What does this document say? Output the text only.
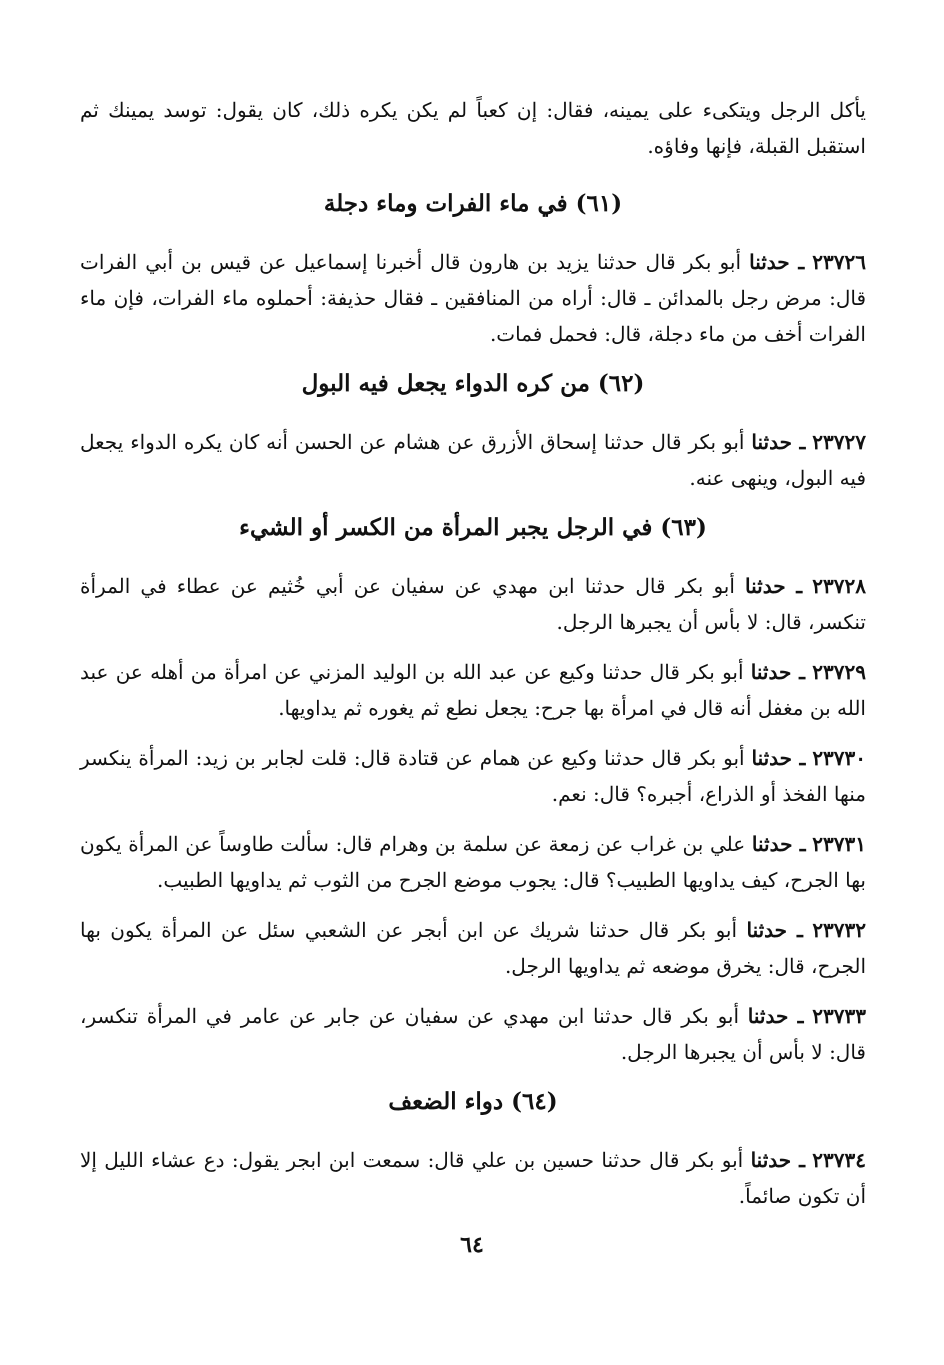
يأكل الرجل ويتكىء على يمينه، فقال: إن كعباً لم يكن يكره ذلك، كان يقول: توسد يمينك ثم استقبل القبلة، فإنها وفاؤه.

(٦١) في ماء الفرات وماء دجلة

٢٣٧٢٦ ـ حدثنا أبو بكر قال حدثنا يزيد بن هارون قال أخبرنا إسماعيل عن قيس بن أبي الفرات قال: مرض رجل بالمدائن ـ قال: أراه من المنافقين ـ فقال حذيفة: أحملوه ماء الفرات، فإن ماء الفرات أخف من ماء دجلة، قال: فحمل فمات.

(٦٢) من كره الدواء يجعل فيه البول

٢٣٧٢٧ ـ حدثنا أبو بكر قال حدثنا إسحاق الأزرق عن هشام عن الحسن أنه كان يكره الدواء يجعل فيه البول، وينهى عنه.

(٦٣) في الرجل يجبر المرأة من الكسر أو الشيء

٢٣٧٢٨ ـ حدثنا أبو بكر قال حدثنا ابن مهدي عن سفيان عن أبي خُثيم عن عطاء في المرأة تنكسر، قال: لا بأس أن يجبرها الرجل.

٢٣٧٢٩ ـ حدثنا أبو بكر قال حدثنا وكيع عن عبد الله بن الوليد المزني عن امرأة من أهله عن عبد الله بن مغفل أنه قال في امرأة بها جرح: يجعل نطع ثم يغوره ثم يداويها.

٢٣٧٣٠ ـ حدثنا أبو بكر قال حدثنا وكيع عن همام عن قتادة قال: قلت لجابر بن زيد: المرأة ينكسر منها الفخذ أو الذراع، أجبره؟ قال: نعم.

٢٣٧٣١ ـ حدثنا علي بن غراب عن زمعة عن سلمة بن وهرام قال: سألت طاوساً عن المرأة يكون بها الجرح، كيف يداويها الطبيب؟ قال: يجوب موضع الجرح من الثوب ثم يداويها الطبيب.

٢٣٧٣٢ ـ حدثنا أبو بكر قال حدثنا شريك عن ابن أبجر عن الشعبي سئل عن المرأة يكون بها الجرح، قال: يخرق موضعه ثم يداويها الرجل.

٢٣٧٣٣ ـ حدثنا أبو بكر قال حدثنا ابن مهدي عن سفيان عن جابر عن عامر في المرأة تنكسر، قال: لا بأس أن يجبرها الرجل.

(٦٤) دواء الضعف

٢٣٧٣٤ ـ حدثنا أبو بكر قال حدثنا حسين بن علي قال: سمعت ابن ابجر يقول: دع عشاء الليل إلا أن تكون صائماً.

٦٤
